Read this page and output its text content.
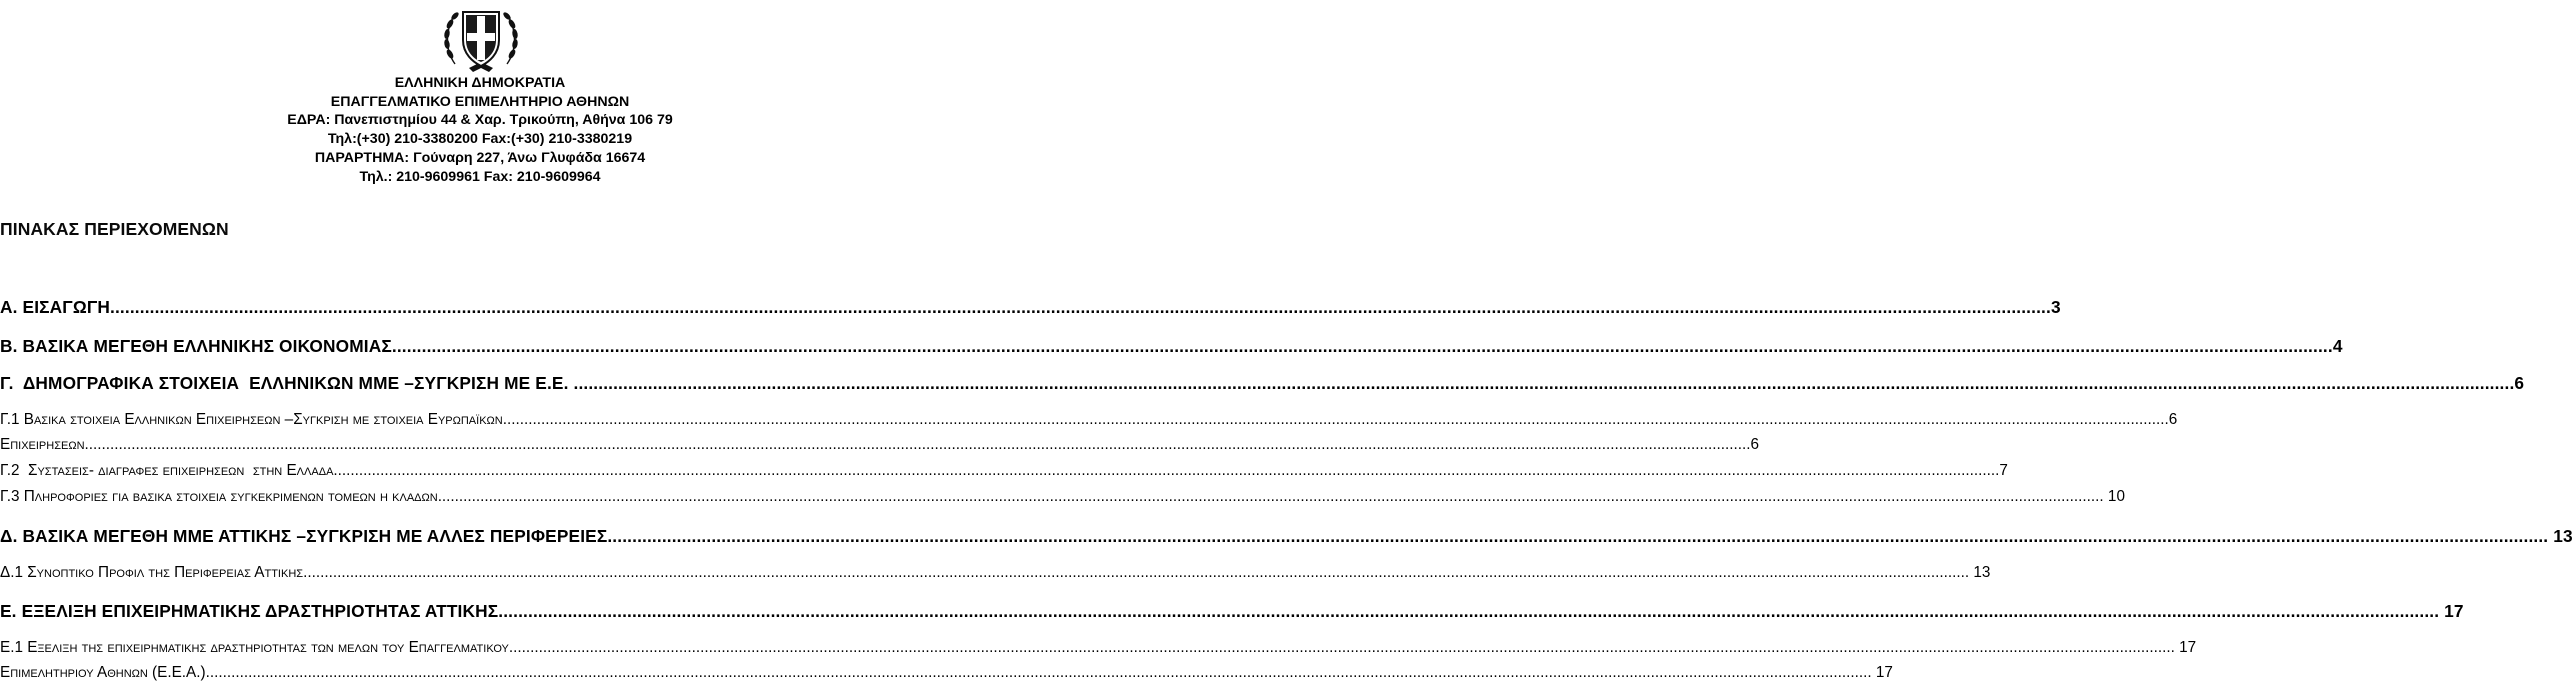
ΕΛΛΗΝΙΚΗ ΔΗΜΟΚΡΑΤΙΑ
ΕΠΑΓΓΕΛΜΑΤΙΚΟ ΕΠΙΜΕΛΗΤΗΡΙΟ ΑΘΗΝΩΝ
ΕΔΡΑ: Πανεπιστημίου 44 & Χαρ. Τρικούπη, Αθήνα 106 79
Τηλ:(+30) 210-3380200 Fax:(+30) 210-3380219
ΠΑΡΑΡΤΗΜΑ: Γούναρη 227, Άνω Γλυφάδα 16674
Τηλ.: 210-9609961 Fax: 210-9609964
ΠΙΝΑΚΑΣ ΠΕΡΙΕΧΟΜΕΝΩΝ
Α. ΕΙΣΑΓΩΓΗ .....	3
Β. ΒΑΣΙΚΑ ΜΕΓΕΘΗ ΕΛΛΗΝΙΚΗΣ ΟΙΚΟΝΟΜΙΑΣ .....	4
Γ.  ΔΗΜΟΓΡΑΦΙΚΑ ΣΤΟΙΧΕΙΑ  ΕΛΛΗΝΙΚΩΝ ΜΜΕ –ΣΥΓΚΡΙΣΗ ΜΕ Ε.Ε. .....	6
Γ.1 Βασικα στοιχεια Ελληνικων Επιχειρησεων –Συγκριση με στοιχεια Ευρωπαϊκων .....	6
Επιχειρησεων .....	6
Γ.2  Συστασεισ- διαγραφεσ επιχειρησεων  στην Ελλαδα .....	7
Γ.3 Πληροφοριεσ για βασικα στοιχεια συγκεκριμενων τομεων η κλαδων .....	10
Δ. ΒΑΣΙΚΑ ΜΕΓΕΘΗ ΜΜΕ ΑΤΤΙΚΗΣ –ΣΥΓΚΡΙΣΗ ΜΕ ΑΛΛΕΣ ΠΕΡΙΦΕΡΕΙΕΣ .....	13
Δ.1 Συνοπτικο Προφιλ τησ Περιφερειασ Αττικησ .....	13
Ε. ΕΞΕΛΙΞΗ ΕΠΙΧΕΙΡΗΜΑΤΙΚΗΣ ΔΡΑΣΤΗΡΙΟΤΗΤΑΣ ΑΤΤΙΚΗΣ .....	17
Ε.1 Εξελιξη τησ επιχειρηματικησ δραστηριοτητασ των μελων του Επαγγελματικου .....	17
Επιμελητηριου Αθηνων (Ε.Ε.Α.) .....	17
